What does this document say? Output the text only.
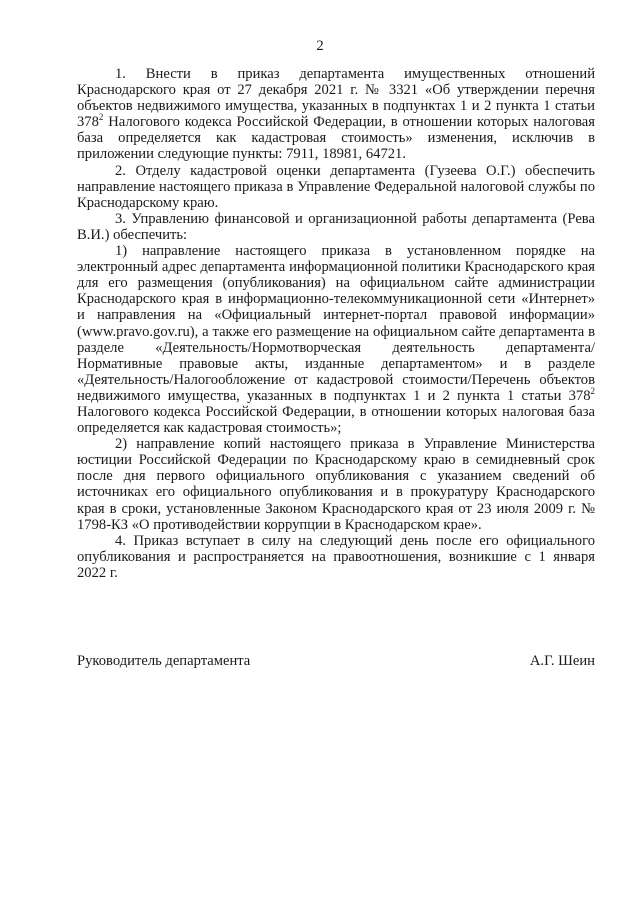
2

1. Внести в приказ департамента имущественных отношений Краснодарского края от 27 декабря 2021 г. № 3321 «Об утверждении перечня объектов недвижимого имущества, указанных в подпунктах 1 и 2 пункта 1 статьи $378^2$ Налогового кодекса Российской Федерации, в отношении которых налоговая база определяется как кадастровая стоимость» изменения, исключив в приложении следующие пункты: 7911, 18981, 64721.

2. Отделу кадастровой оценки департамента (Гузеева О.Г.) обеспечить направление настоящего приказа в Управление Федеральной налоговой службы по Краснодарскому краю.

3. Управлению финансовой и организационной работы департамента (Рева В.И.) обеспечить:

1) направление настоящего приказа в установленном порядке на электронный адрес департамента информационной политики Краснодарского края для его размещения (опубликования) на официальном сайте администрации Краснодарского края в информационно-телекоммуникационной сети «Интернет» и направления на «Официальный интернет-портал правовой информации» (www.pravo.gov.ru), а также его размещение на официальном сайте департамента в разделе «Деятельность/Нормотворческая деятельность департамента/Нормативные правовые акты, изданные департаментом» и в разделе «Деятельность/Налогообложение от кадастровой стоимости/Перечень объектов недвижимого имущества, указанных в подпунктах 1 и 2 пункта 1 статьи $378^2$ Налогового кодекса Российской Федерации, в отношении которых налоговая база определяется как кадастровая стоимость»;

2) направление копий настоящего приказа в Управление Министерства юстиции Российской Федерации по Краснодарскому краю в семидневный срок после дня первого официального опубликования с указанием сведений об источниках его официального опубликования и в прокуратуру Краснодарского края в сроки, установленные Законом Краснодарского края от 23 июля 2009 г. № 1798-КЗ «О противодействии коррупции в Краснодарском крае».

4. Приказ вступает в силу на следующий день после его официального опубликования и распространяется на правоотношения, возникшие с 1 января 2022 г.

Руководитель департамента	А.Г. Шеин
